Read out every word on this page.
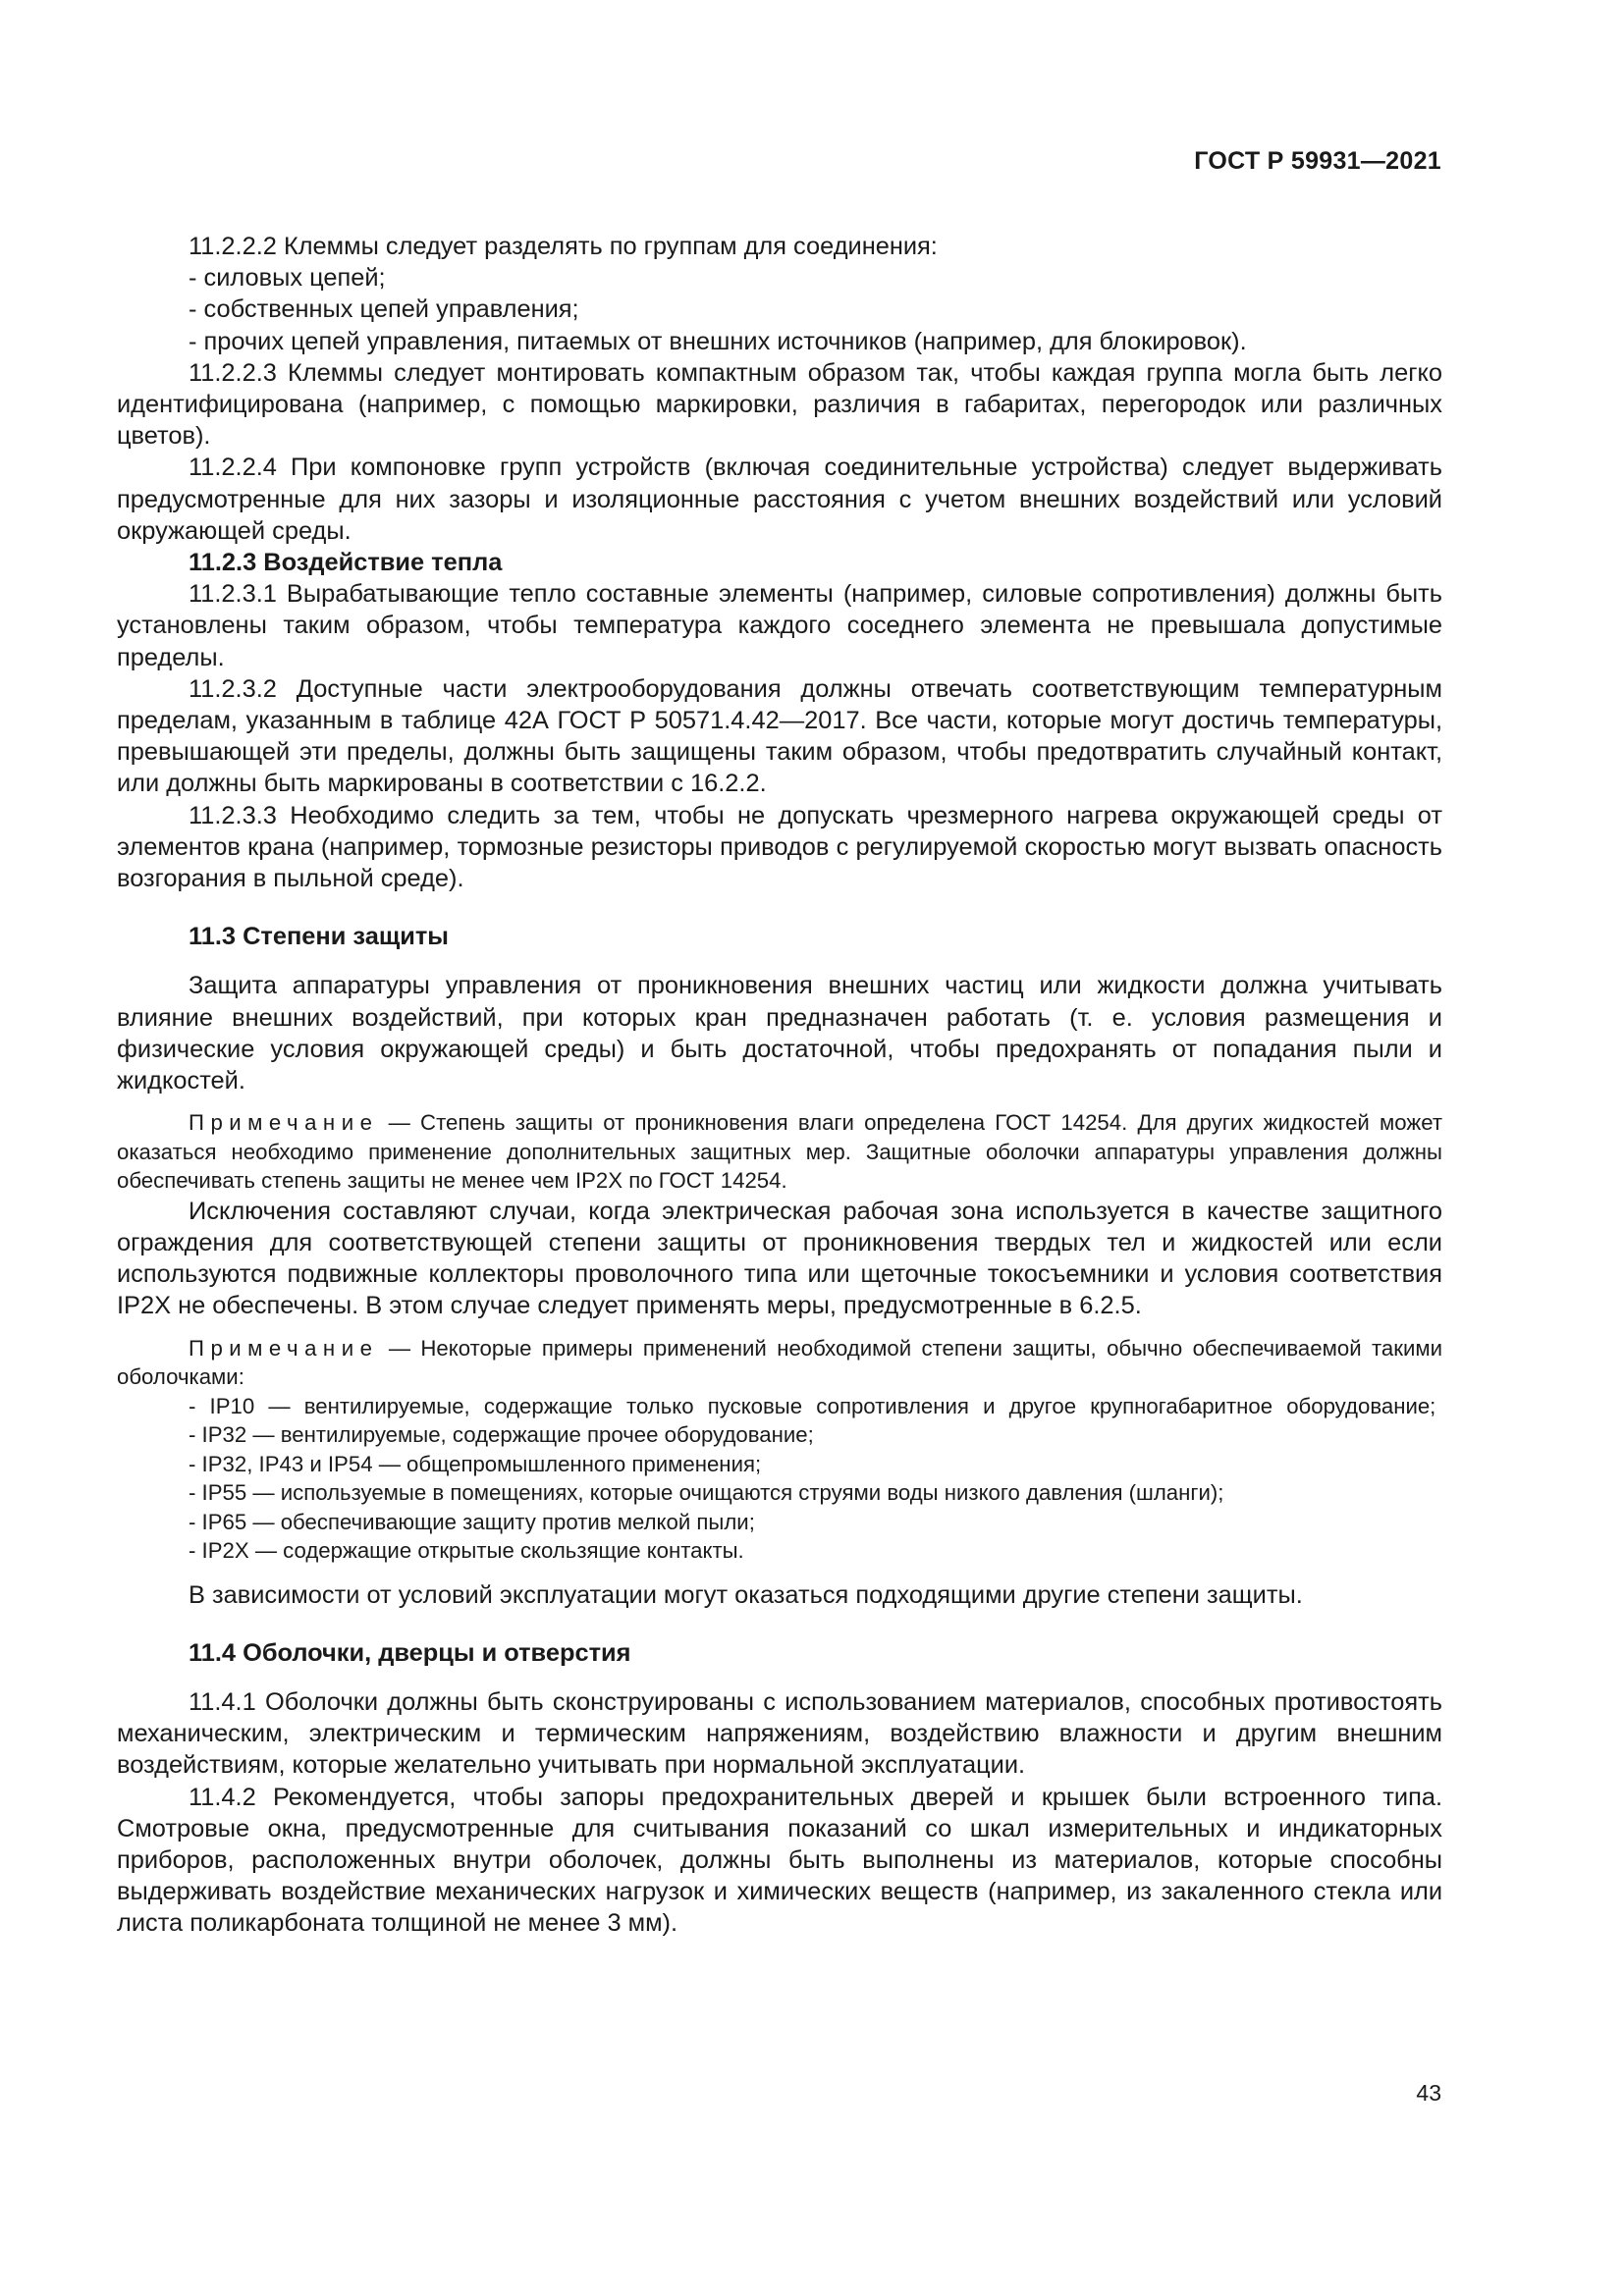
ГОСТ Р 59931—2021

11.2.2.2 Клеммы следует разделять по группам для соединения:

- силовых цепей;

- собственных цепей управления;

- прочих цепей управления, питаемых от внешних источников (например, для блокировок).

11.2.2.3 Клеммы следует монтировать компактным образом так, чтобы каждая группа могла быть легко идентифицирована (например, с помощью маркировки, различия в габаритах, перегородок или различных цветов).

11.2.2.4 При компоновке групп устройств (включая соединительные устройства) следует выдерживать предусмотренные для них зазоры и изоляционные расстояния с учетом внешних воздействий или условий окружающей среды.

11.2.3 Воздействие тепла

11.2.3.1 Вырабатывающие тепло составные элементы (например, силовые сопротивления) должны быть установлены таким образом, чтобы температура каждого соседнего элемента не превышала допустимые пределы.

11.2.3.2 Доступные части электрооборудования должны отвечать соответствующим температурным пределам, указанным в таблице 42А ГОСТ Р 50571.4.42—2017. Все части, которые могут достичь температуры, превышающей эти пределы, должны быть защищены таким образом, чтобы предотвратить случайный контакт, или должны быть маркированы в соответствии с 16.2.2.

11.2.3.3 Необходимо следить за тем, чтобы не допускать чрезмерного нагрева окружающей среды от элементов крана (например, тормозные резисторы приводов с регулируемой скоростью могут вызвать опасность возгорания в пыльной среде).

11.3 Степени защиты

Защита аппаратуры управления от проникновения внешних частиц или жидкости должна учитывать влияние внешних воздействий, при которых кран предназначен работать (т. е. условия размещения и физические условия окружающей среды) и быть достаточной, чтобы предохранять от попадания пыли и жидкостей.

Примечание — Степень защиты от проникновения влаги определена ГОСТ 14254. Для других жидкостей может оказаться необходимо применение дополнительных защитных мер. Защитные оболочки аппаратуры управления должны обеспечивать степень защиты не менее чем IP2X по ГОСТ 14254.

Исключения составляют случаи, когда электрическая рабочая зона используется в качестве защитного ограждения для соответствующей степени защиты от проникновения твердых тел и жидкостей или если используются подвижные коллекторы проволочного типа или щеточные токосъемники и условия соответствия IP2X не обеспечены. В этом случае следует применять меры, предусмотренные в 6.2.5.

Примечание — Некоторые примеры применений необходимой степени защиты, обычно обеспечиваемой такими оболочками:

- IP10 — вентилируемые, содержащие только пусковые сопротивления и другое крупногабаритное оборудование;

- IP32 — вентилируемые, содержащие прочее оборудование;

- IP32, IP43 и IP54 — общепромышленного применения;

- IP55 — используемые в помещениях, которые очищаются струями воды низкого давления (шланги);

- IP65 — обеспечивающие защиту против мелкой пыли;

- IP2X — содержащие открытые скользящие контакты.

В зависимости от условий эксплуатации могут оказаться подходящими другие степени защиты.

11.4 Оболочки, дверцы и отверстия

11.4.1 Оболочки должны быть сконструированы с использованием материалов, способных противостоять механическим, электрическим и термическим напряжениям, воздействию влажности и другим внешним воздействиям, которые желательно учитывать при нормальной эксплуатации.

11.4.2 Рекомендуется, чтобы запоры предохранительных дверей и крышек были встроенного типа. Смотровые окна, предусмотренные для считывания показаний со шкал измерительных и индикаторных приборов, расположенных внутри оболочек, должны быть выполнены из материалов, которые способны выдерживать воздействие механических нагрузок и химических веществ (например, из закаленного стекла или листа поликарбоната толщиной не менее 3 мм).

43
